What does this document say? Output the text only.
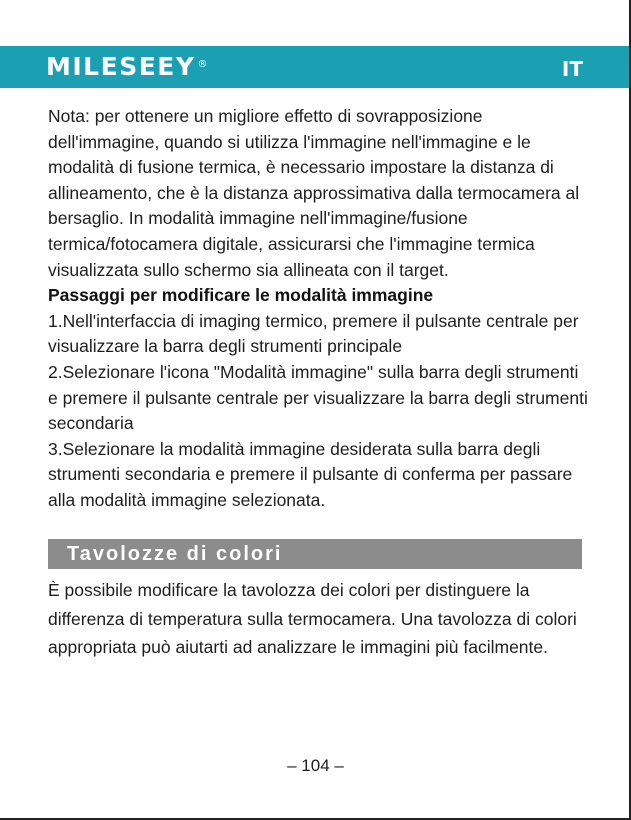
MILESEEY ®	IT

Nota: per ottenere un migliore effetto di sovrapposizione dell'immagine, quando si utilizza l'immagine nell'immagine e le modalità di fusione termica, è necessario impostare la distanza di allineamento, che è la distanza approssimativa dalla termocamera al bersaglio. In modalità immagine nell'immagine/fusione termica/fotocamera digitale, assicurarsi che l'immagine termica visualizzata sullo schermo sia allineata con il target.

Passaggi per modificare le modalità immagine

1.Nell'interfaccia di imaging termico, premere il pulsante centrale per visualizzare la barra degli strumenti principale

2.Selezionare l'icona "Modalità immagine" sulla barra degli strumenti e premere il pulsante centrale per visualizzare la barra degli strumenti secondaria

3.Selezionare la modalità immagine desiderata sulla barra degli strumenti secondaria e premere il pulsante di conferma per passare alla modalità immagine selezionata.

Tavolozze di colori

È possibile modificare la tavolozza dei colori per distinguere la differenza di temperatura sulla termocamera. Una tavolozza di colori appropriata può aiutarti ad analizzare le immagini più facilmente.

– 104 –
